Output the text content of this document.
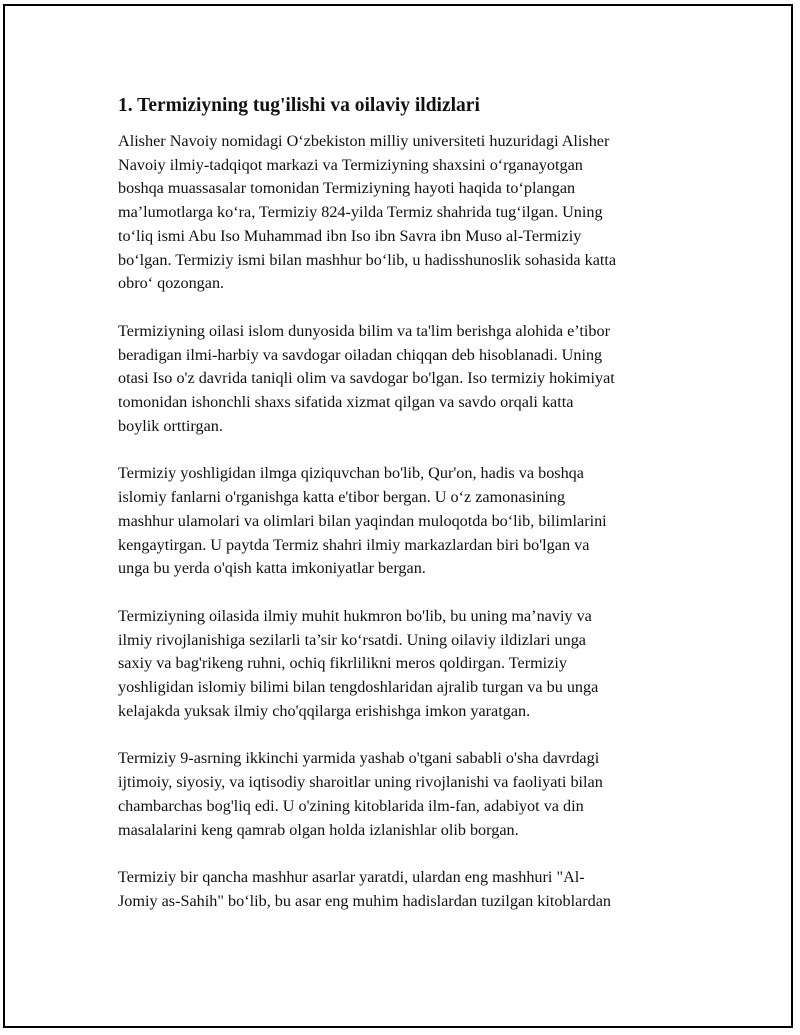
1. Termiziyning tug'ilishi va oilaviy ildizlari

Alisher Navoiy nomidagi O‘zbekiston milliy universiteti huzuridagi Alisher
Navoiy ilmiy-tadqiqot markazi va Termiziyning shaxsini o‘rganayotgan
boshqa muassasalar tomonidan Termiziyning hayoti haqida to‘plangan
ma’lumotlarga ko‘ra, Termiziy 824-yilda Termiz shahrida tug‘ilgan. Uning
to‘liq ismi Abu Iso Muhammad ibn Iso ibn Savra ibn Muso al-Termiziy
bo‘lgan. Termiziy ismi bilan mashhur bo‘lib, u hadisshunoslik sohasida katta
obro‘ qozongan.

Termiziyning oilasi islom dunyosida bilim va ta'lim berishga alohida e’tibor
beradigan ilmi-harbiy va savdogar oiladan chiqqan deb hisoblanadi. Uning
otasi Iso o'z davrida taniqli olim va savdogar bo'lgan. Iso termiziy hokimiyat
tomonidan ishonchli shaxs sifatida xizmat qilgan va savdo orqali katta
boylik orttirgan.

Termiziy yoshligidan ilmga qiziquvchan bo'lib, Qur'on, hadis va boshqa
islomiy fanlarni o'rganishga katta e'tibor bergan. U o‘z zamonasining
mashhur ulamolari va olimlari bilan yaqindan muloqotda bo‘lib, bilimlarini
kengaytirgan. U paytda Termiz shahri ilmiy markazlardan biri bo'lgan va
unga bu yerda o'qish katta imkoniyatlar bergan.

Termiziyning oilasida ilmiy muhit hukmron bo'lib, bu uning ma’naviy va
ilmiy rivojlanishiga sezilarli ta’sir ko‘rsatdi. Uning oilaviy ildizlari unga
saxiy va bag'rikeng ruhni, ochiq fikrlilikni meros qoldirgan. Termiziy
yoshligidan islomiy bilimi bilan tengdoshlaridan ajralib turgan va bu unga
kelajakda yuksak ilmiy cho'qqilarga erishishga imkon yaratgan.

Termiziy 9-asrning ikkinchi yarmida yashab o'tgani sababli o'sha davrdagi
ijtimoiy, siyosiy, va iqtisodiy sharoitlar uning rivojlanishi va faoliyati bilan
chambarchas bog'liq edi. U o'zining kitoblarida ilm-fan, adabiyot va din
masalalarini keng qamrab olgan holda izlanishlar olib borgan.

Termiziy bir qancha mashhur asarlar yaratdi, ulardan eng mashhuri "Al-
Jomiy as-Sahih" bo‘lib, bu asar eng muhim hadislardan tuzilgan kitoblardan
